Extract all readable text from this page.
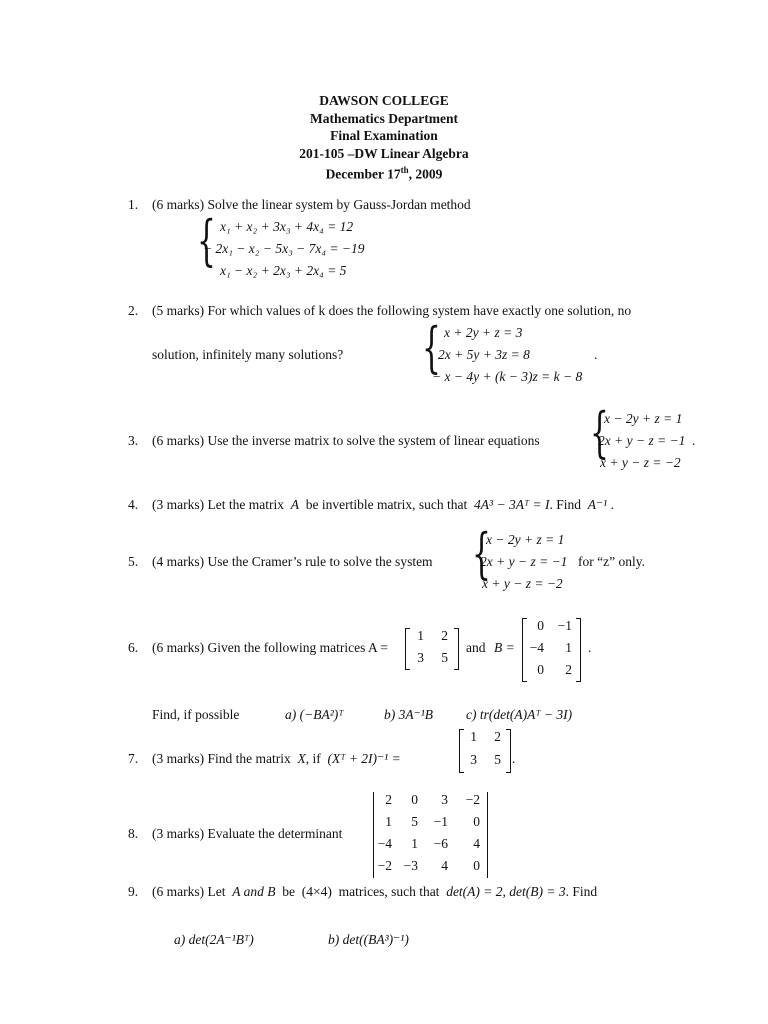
DAWSON COLLEGE
Mathematics Department
Final Examination
201-105 –DW Linear Algebra
December 17th, 2009
1. (6 marks) Solve the linear system by Gauss-Jordan method
{ x₁ + x₂ + 3x₃ + 4x₄ = 12
− 2x₁ − x₂ − 5x₃ − 7x₄ = −19
x₁ − x₂ + 2x₃ + 2x₄ = 5
2. (5 marks) For which values of k does the following system have exactly one solution, no
solution, infinitely many solutions? { x + 2y + z = 3
2x + 5y + 3z = 8
− x − 4y + (k − 3)z = k − 8
.
3. (6 marks) Use the inverse matrix to solve the system of linear equations {
x − 2y + z = 1
2x + y − z = −1
x + y − z = −2
.
4. (3 marks) Let the matrix A be invertible matrix, such that 4A³ − 3Aᵀ = I. Find A⁻¹ .
5. (4 marks) Use the Cramer’s rule to solve the system {
x − 2y + z = 1
2x + y − z = −1
x + y − z = −2
for “z” only.
6. (6 marks) Given the following matrices A =
1	2
3	5
and B =
0	−1
−4	1
0	2
.
Find, if possible	a) (−BA²)ᵀ	b) 3A⁻¹B c) tr(det(A)Aᵀ − 3I)
7. (3 marks) Find the matrix X, if (Xᵀ + 2I)⁻¹ =
1	2
3	5 .
8. (3 marks) Evaluate the determinant
2	0	3	−2
1	5	−1	0
−4	1	−6	4
−2 −3	4	0
9. (6 marks) Let A and B be (4×4) matrices, such that det(A) = 2, det(B) = 3. Find
a) det(2A⁻¹Bᵀ)	b) det((BA³)⁻¹)
